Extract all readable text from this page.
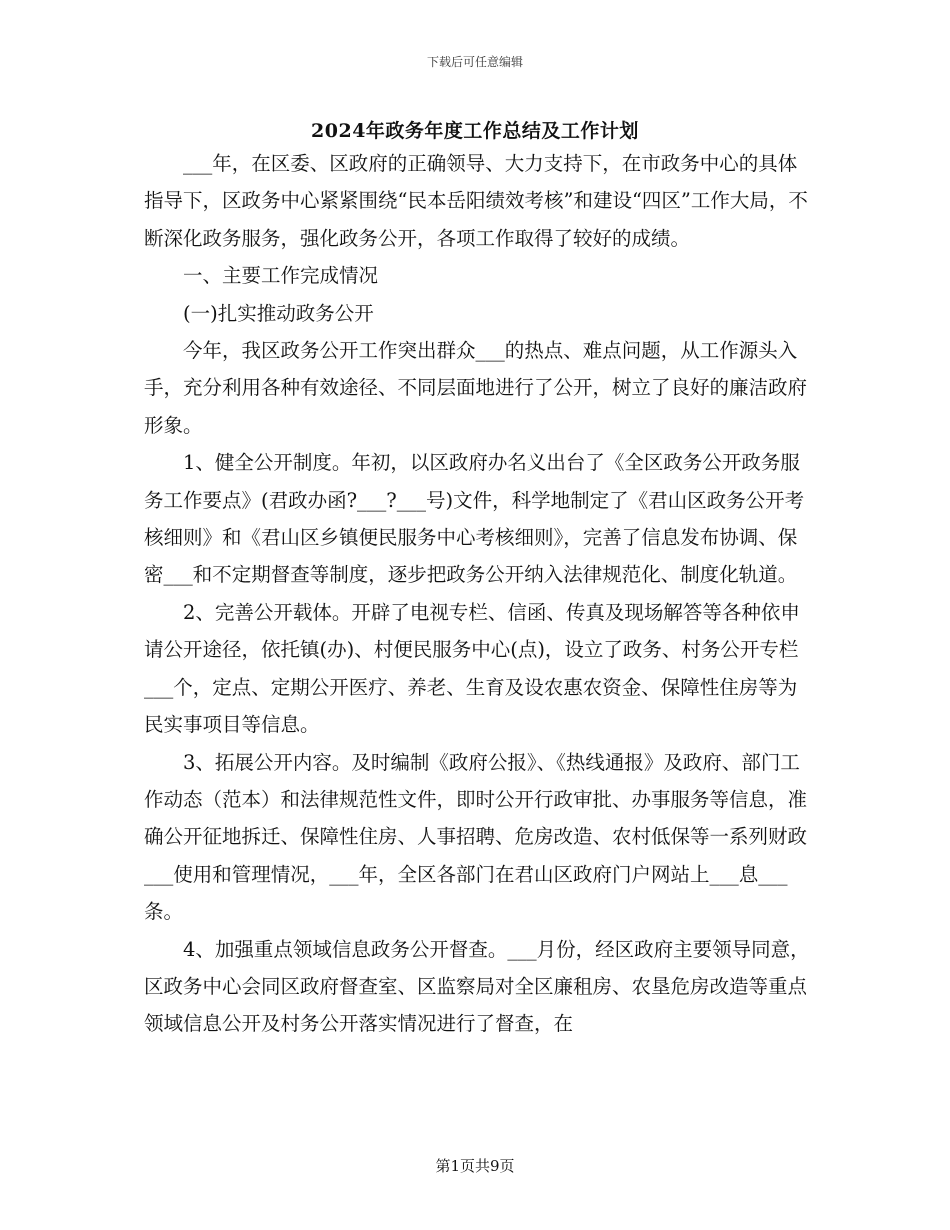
下载后可任意编辑
2024年政务年度工作总结及工作计划

___年，在区委、区政府的正确领导、大力支持下，在市政务中心的具体指导下，区政务中心紧紧围绕“民本岳阳绩效考核”和建设“四区”工作大局，不断深化政务服务，强化政务公开，各项工作取得了较好的成绩。

一、主要工作完成情况

(一)扎实推动政务公开

今年，我区政务公开工作突出群众___的热点、难点问题，从工作源头入手，充分利用各种有效途径、不同层面地进行了公开，树立了良好的廉洁政府形象。

1、健全公开制度。年初，以区政府办名义出台了《全区政务公开政务服务工作要点》(君政办函?___?___号)文件，科学地制定了《君山区政务公开考核细则》和《君山区乡镇便民服务中心考核细则》，完善了信息发布协调、保密___和不定期督查等制度，逐步把政务公开纳入法律规范化、制度化轨道。

2、完善公开载体。开辟了电视专栏、信函、传真及现场解答等各种依申请公开途径，依托镇(办)、村便民服务中心(点)，设立了政务、村务公开专栏___个，定点、定期公开医疗、养老、生育及设农惠农资金、保障性住房等为民实事项目等信息。

3、拓展公开内容。及时编制《政府公报》、《热线通报》及政府、部门工作动态（范本）和法律规范性文件，即时公开行政审批、办事服务等信息，准确公开征地拆迁、保障性住房、人事招聘、危房改造、农村低保等一系列财政___使用和管理情况，___年，全区各部门在君山区政府门户网站上___息___条。

4、加强重点领域信息政务公开督查。___月份，经区政府主要领导同意，区政务中心会同区政府督查室、区监察局对全区廉租房、农垦危房改造等重点领域信息公开及村务公开落实情况进行了督查，在

第1页共9页
